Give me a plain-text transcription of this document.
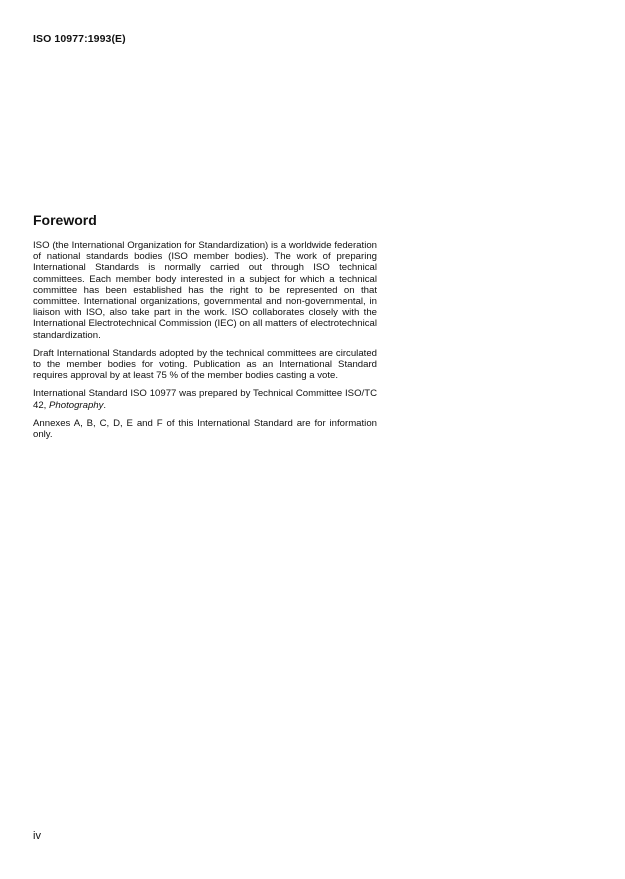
ISO 10977:1993(E)
Foreword

ISO (the International Organization for Standardization) is a worldwide federation of national standards bodies (ISO member bodies). The work of preparing International Standards is normally carried out through ISO technical committees. Each member body interested in a subject for which a technical committee has been established has the right to be represented on that committee. International organizations, governmental and non-governmental, in liaison with ISO, also take part in the work. ISO collaborates closely with the International Electrotechnical Commission (IEC) on all matters of electrotechnical standardization.

Draft International Standards adopted by the technical committees are circulated to the member bodies for voting. Publication as an International Standard requires approval by at least 75 % of the member bodies casting a vote.

International Standard ISO 10977 was prepared by Technical Committee ISO/TC 42, Photography.

Annexes A, B, C, D, E and F of this International Standard are for information only.

iv
